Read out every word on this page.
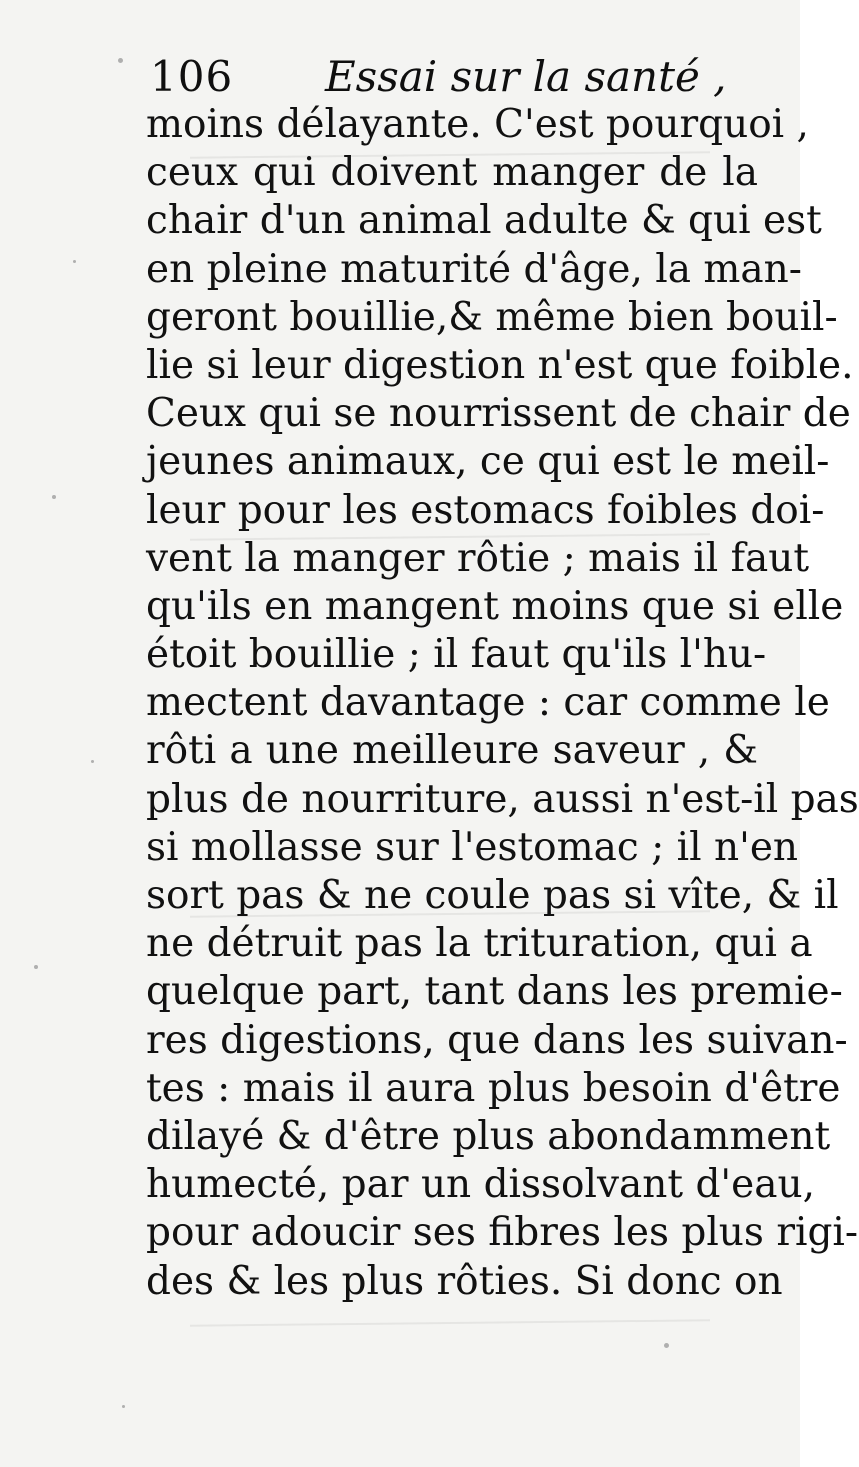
106 Essai sur la santé ,
moins délayante. C'est pourquoi ,
ceux qui doivent manger de la
chair d'un animal adulte & qui est
en pleine maturité d'âge, la man-
geront bouillie,& même bien bouil-
lie si leur digestion n'est que foible.
Ceux qui se nourrissent de chair de
jeunes animaux, ce qui est le meil-
leur pour les estomacs foibles doi-
vent la manger rôtie ; mais il faut
qu'ils en mangent moins que si elle
étoit bouillie ; il faut qu'ils l'hu-
mectent davantage : car comme le
rôti a une meilleure saveur , &
plus de nourriture, aussi n'est-il pas
si mollasse sur l'estomac ; il n'en
sort pas & ne coule pas si vîte, & il
ne détruit pas la trituration, qui a
quelque part, tant dans les premie-
res digestions, que dans les suivan-
tes : mais il aura plus besoin d'être
dilayé & d'être plus abondamment
humecté, par un dissolvant d'eau,
pour adoucir ses fibres les plus rigi-
des & les plus rôties. Si donc on
